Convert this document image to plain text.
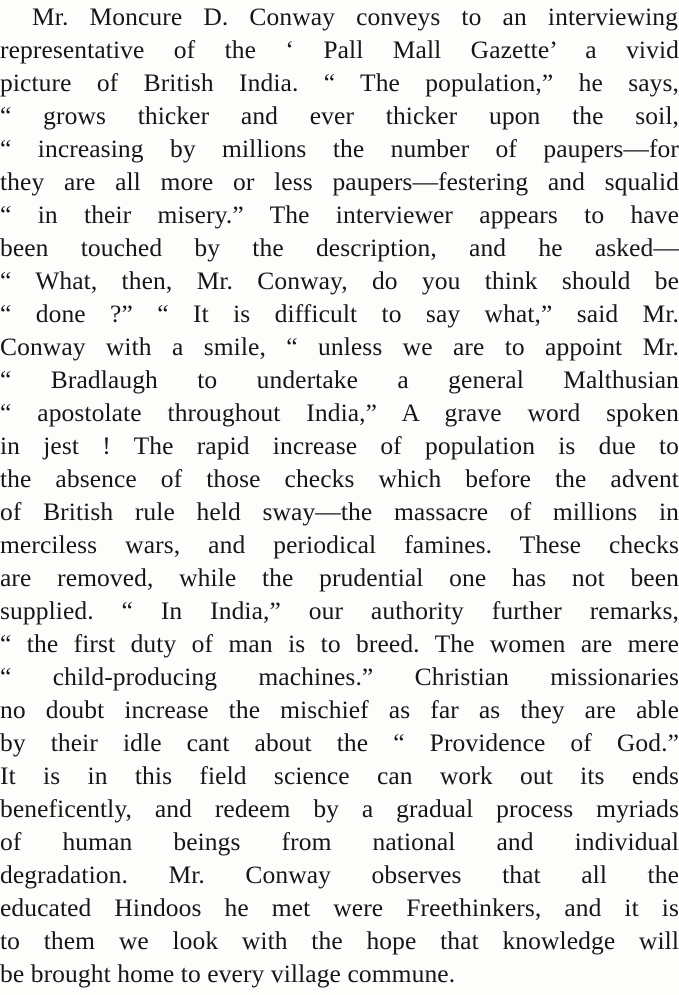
Mr. Moncure D. Conway conveys to an interviewing
representative of the ‘ Pall Mall Gazette’ a vivid
picture of British India. “ The population,” he says,
“ grows thicker and ever thicker upon the soil,
“ increasing by millions the number of paupers—for
they are all more or less paupers—festering and squalid
“ in their misery.” The interviewer appears to have
been touched by the description, and he asked—
“ What, then, Mr. Conway, do you think should be
“ done ?” “ It is difficult to say what,” said Mr.
Conway with a smile, “ unless we are to appoint Mr.
“ Bradlaugh to undertake a general Malthusian
“ apostolate throughout India,” A grave word spoken
in jest ! The rapid increase of population is due to
the absence of those checks which before the advent
of British rule held sway—the massacre of millions in
merciless wars, and periodical famines. These checks
are removed, while the prudential one has not been
supplied. “ In India,” our authority further remarks,
“ the first duty of man is to breed. The women are mere
“ child-producing machines.” Christian missionaries
no doubt increase the mischief as far as they are able
by their idle cant about the “ Providence of God.”
It is in this field science can work out its ends
beneficently, and redeem by a gradual process myriads
of human beings from national and individual
degradation. Mr. Conway observes that all the
educated Hindoos he met were Freethinkers, and it is
to them we look with the hope that knowledge will
be brought home to every village commune.
